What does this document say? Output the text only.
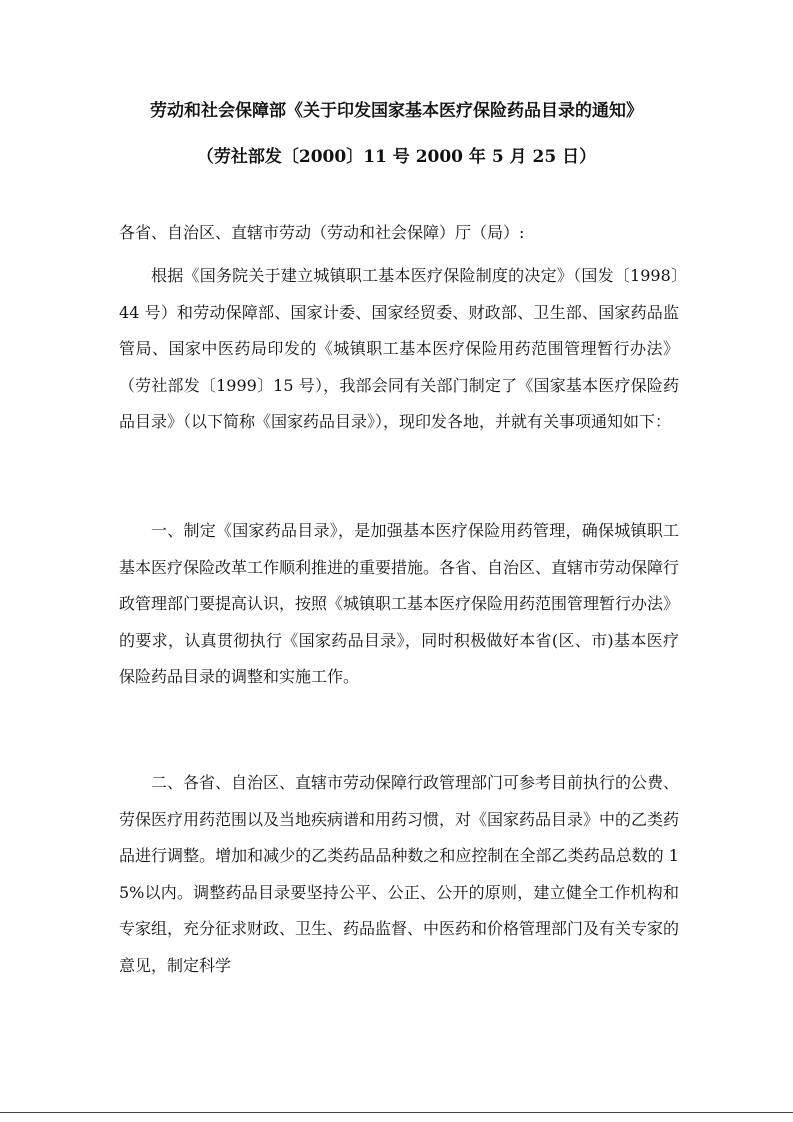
劳动和社会保障部《关于印发国家基本医疗保险药品目录的通知》
（劳社部发〔2000〕11 号 2000 年 5 月 25 日）
各省、自治区、直辖市劳动（劳动和社会保障）厅（局）:

根据《国务院关于建立城镇职工基本医疗保险制度的决定》（国发〔1998〕44 号）和劳动保障部、国家计委、国家经贸委、财政部、卫生部、国家药品监管局、国家中医药局印发的《城镇职工基本医疗保险用药范围管理暂行办法》（劳社部发〔1999〕15 号），我部会同有关部门制定了《国家基本医疗保险药品目录》（以下简称《国家药品目录》），现印发各地，并就有关事项通知如下：

一、制定《国家药品目录》，是加强基本医疗保险用药管理，确保城镇职工基本医疗保险改革工作顺利推进的重要措施。各省、自治区、直辖市劳动保障行政管理部门要提高认识，按照《城镇职工基本医疗保险用药范围管理暂行办法》的要求，认真贯彻执行《国家药品目录》，同时积极做好本省(区、市)基本医疗保险药品目录的调整和实施工作。

二、各省、自治区、直辖市劳动保障行政管理部门可参考目前执行的公费、劳保医疗用药范围以及当地疾病谱和用药习惯，对《国家药品目录》中的乙类药品进行调整。增加和减少的乙类药品品种数之和应控制在全部乙类药品总数的 15%以内。调整药品目录要坚持公平、公正、公开的原则，建立健全工作机构和专家组，充分征求财政、卫生、药品监督、中医药和价格管理部门及有关专家的意见，制定科学
